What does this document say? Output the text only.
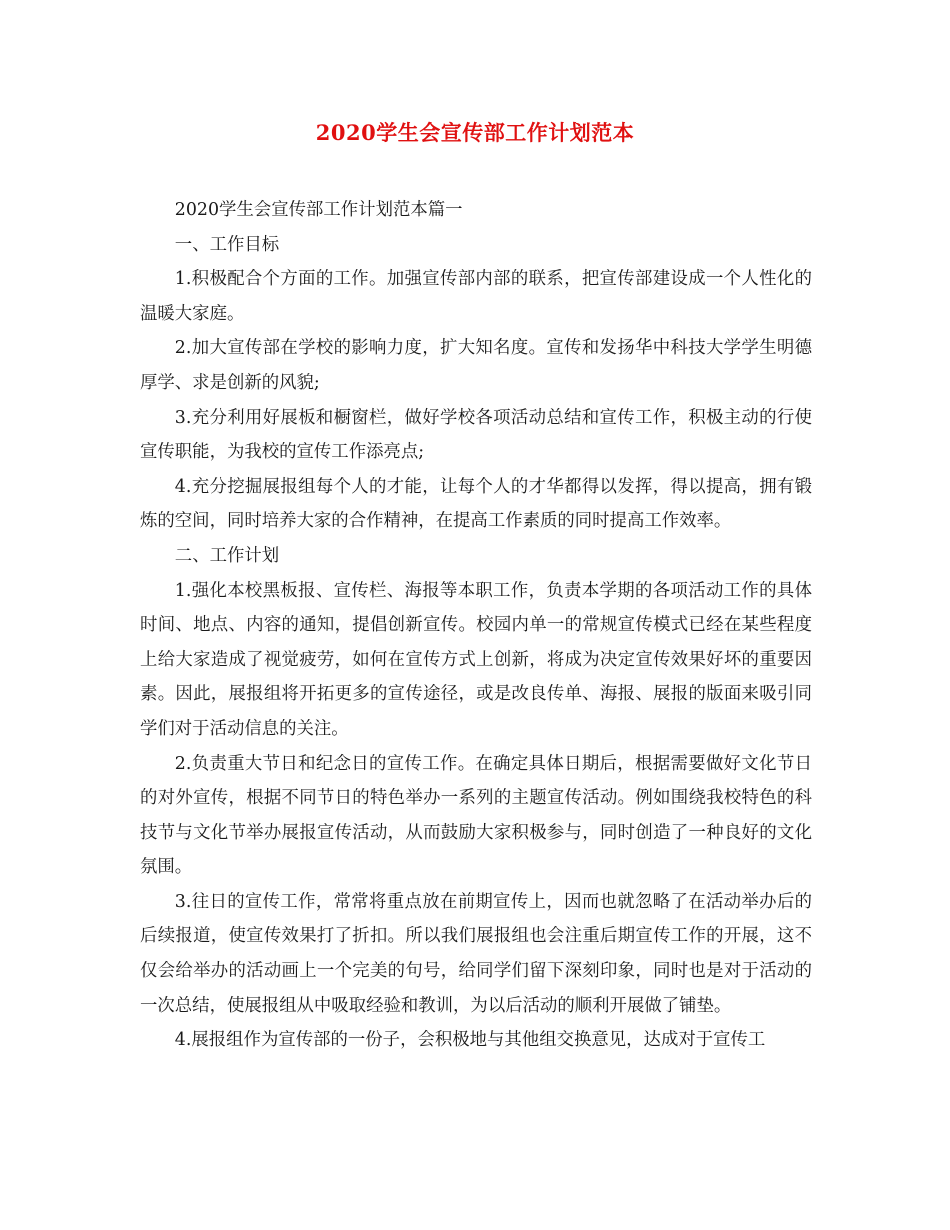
2020学生会宣传部工作计划范本

2020学生会宣传部工作计划范本篇一

一、工作目标

1.积极配合个方面的工作。加强宣传部内部的联系，把宣传部建设成一个人性化的温暖大家庭。

2.加大宣传部在学校的影响力度，扩大知名度。宣传和发扬华中科技大学学生明德厚学、求是创新的风貌;

3.充分利用好展板和橱窗栏，做好学校各项活动总结和宣传工作，积极主动的行使宣传职能，为我校的宣传工作添亮点;

4.充分挖掘展报组每个人的才能，让每个人的才华都得以发挥，得以提高，拥有锻炼的空间，同时培养大家的合作精神，在提高工作素质的同时提高工作效率。

二、工作计划

1.强化本校黑板报、宣传栏、海报等本职工作，负责本学期的各项活动工作的具体时间、地点、内容的通知，提倡创新宣传。校园内单一的常规宣传模式已经在某些程度上给大家造成了视觉疲劳，如何在宣传方式上创新，将成为决定宣传效果好坏的重要因素。因此，展报组将开拓更多的宣传途径，或是改良传单、海报、展报的版面来吸引同学们对于活动信息的关注。

2.负责重大节日和纪念日的宣传工作。在确定具体日期后，根据需要做好文化节日的对外宣传，根据不同节日的特色举办一系列的主题宣传活动。例如围绕我校特色的科技节与文化节举办展报宣传活动，从而鼓励大家积极参与，同时创造了一种良好的文化氛围。

3.往日的宣传工作，常常将重点放在前期宣传上，因而也就忽略了在活动举办后的后续报道，使宣传效果打了折扣。所以我们展报组也会注重后期宣传工作的开展，这不仅会给举办的活动画上一个完美的句号，给同学们留下深刻印象，同时也是对于活动的一次总结，使展报组从中吸取经验和教训，为以后活动的顺利开展做了铺垫。

4.展报组作为宣传部的一份子，会积极地与其他组交换意见，达成对于宣传工
